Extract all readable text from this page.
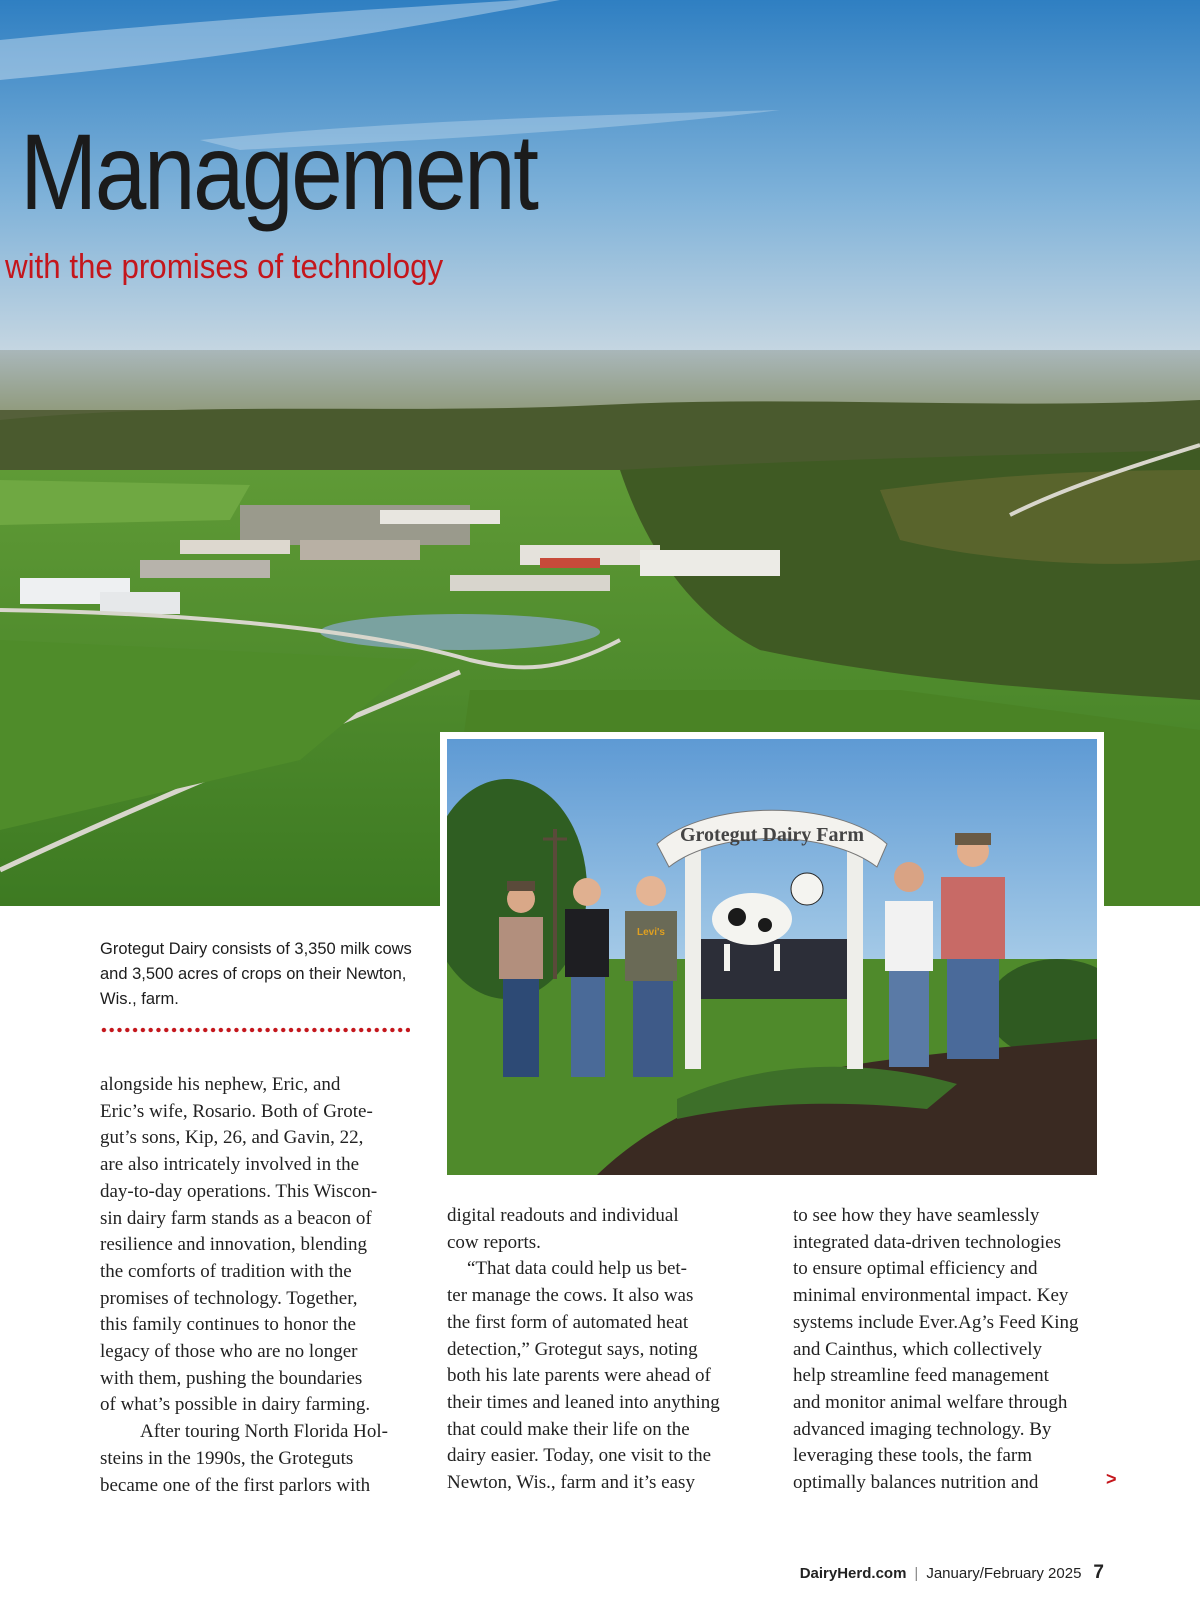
Management
with the promises of technology
Grotegut Dairy Farm
Levi's

Grotegut Dairy consists of 3,350 milk cows and 3,500 acres of crops on their Newton, Wis., farm.

alongside his nephew, Eric, and
Eric’s wife, Rosario. Both of Grote-
gut’s sons, Kip, 26, and Gavin, 22,
are also intricately involved in the
day-to-day operations. This Wiscon-
sin dairy farm stands as a beacon of
resilience and innovation, blending
the comforts of tradition with the
promises of technology. Together,
this family continues to honor the
legacy of those who are no longer
with them, pushing the boundaries
of what’s possible in dairy farming.
After touring North Florida Hol-
steins in the 1990s, the Groteguts
became one of the first parlors with
digital readouts and individual
cow reports.
“That data could help us bet-
ter manage the cows. It also was
the first form of automated heat
detection,” Grotegut says, noting
both his late parents were ahead of
their times and leaned into anything
that could make their life on the
dairy easier. Today, one visit to the
Newton, Wis., farm and it’s easy
to see how they have seamlessly
integrated data-driven technologies
to ensure optimal efficiency and
minimal environmental impact. Key
systems include Ever.Ag’s Feed King
and Cainthus, which collectively
help streamline feed management
and monitor animal welfare through
advanced imaging technology. By
leveraging these tools, the farm
optimally balances nutrition and	>
DairyHerd.com | January/February 2025 7
